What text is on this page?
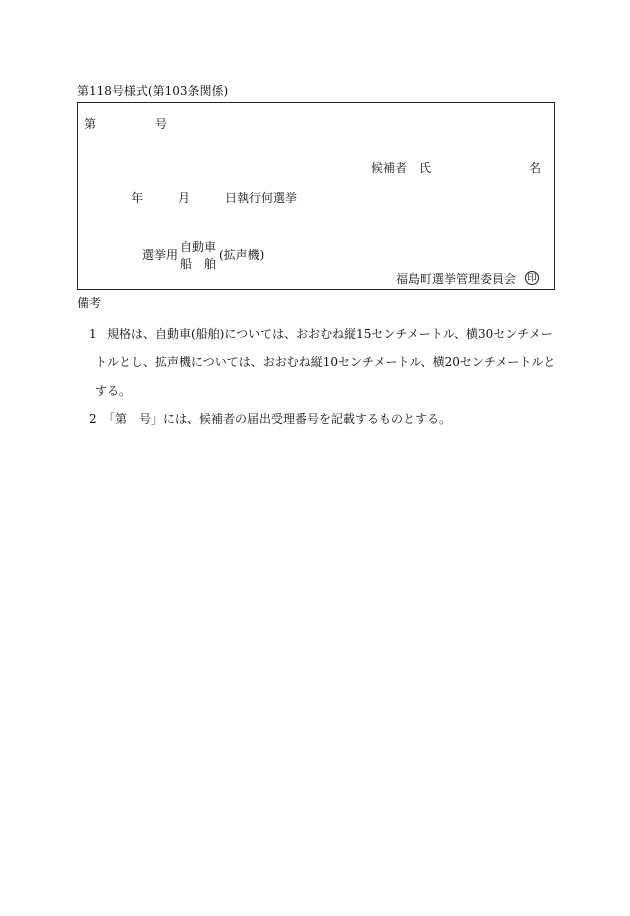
第118号様式(第103条関係)
第	号
候補者　氏	名
年	月	日執行何選挙
選挙用
自動車
船　舶
(拡声機)
福島町選挙管理委員会 印
備考
1 規格は、自動車(船舶)については、おおむね縦15センチメートル、横30センチメー
トルとし、拡声機については、おおむね縦10センチメートル、横20センチメートルと
する。
2 「第　号」には、候補者の届出受理番号を記載するものとする。
